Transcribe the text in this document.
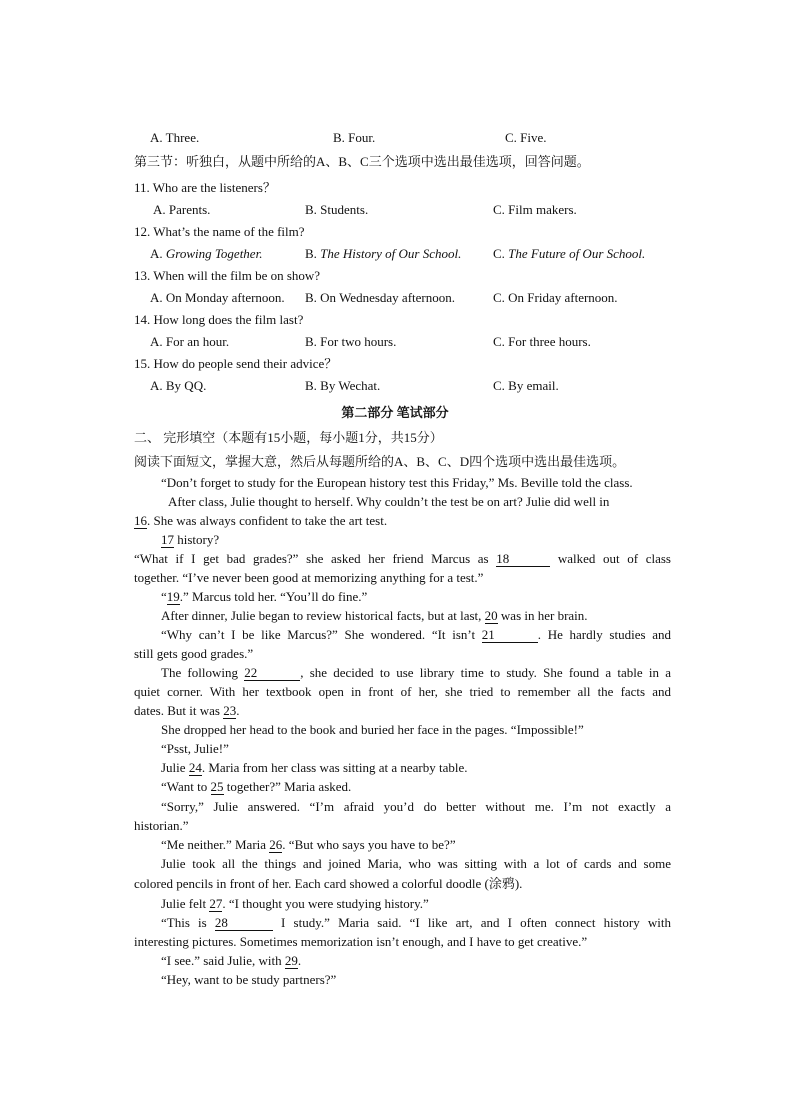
A. Three.	B. Four.	C. Five.
第三节：听独白，从题中所给的A、B、C三个选项中选出最佳选项，回答问题。
11. Who are the listeners？
A. Parents.	B. Students.	C. Film makers.
12. What’s the name of the film?
A. Growing Together.	B. The History of Our School. C. The Future of Our School.
13. When will the film be on show?
A. On Monday afternoon. B. On Wednesday afternoon.	C. On Friday afternoon.
14. How long does the film last?
A. For an hour.	B. For two hours.	C. For three hours.
15. How do people send their advice？
A. By QQ.	B. By Wechat.	C. By email.
第二部分 笔试部分
二、 完形填空（本题有15小题，每小题1分，共15分）
阅读下面短文，掌握大意，然后从每题所给的A、B、C、D四个选项中选出最佳选项。
“Don’t forget to study for the European history test this Friday,” Ms. Beville told the class.
After class, Julie thought to herself. Why couldn’t the test be on art? Julie did well in
16. She was always confident to take the art test.
17 history?
“What if I get bad grades?” she asked her friend Marcus as 18	walked out of class
together. “I’ve never been good at memorizing anything for a test.”
“19.” Marcus told her. “You’ll do fine.”
After dinner, Julie began to review historical facts, but at last, 20 was in her brain.
“Why can’t I be like Marcus?” She wondered. “It isn’t 21	. He hardly studies and
still gets good grades.”
The following 22	, she decided to use library time to study. She found a table in a
quiet corner. With her textbook open in front of her, she tried to remember all the facts and
dates. But it was 23.
She dropped her head to the book and buried her face in the pages. “Impossible!”
“Psst, Julie!”
Julie 24. Maria from her class was sitting at a nearby table.
“Want to 25 together?” Maria asked.
“Sorry,” Julie answered. “I’m afraid you’d do better without me. I’m not exactly a
historian.”
“Me neither.” Maria 26. “But who says you have to be?”
Julie took all the things and joined Maria, who was sitting with a lot of cards and some
colored pencils in front of her. Each card showed a colorful doodle (涂鸦).
Julie felt 27. “I thought you were studying history.”
“This is 28	I study.” Maria said. “I like art, and I often connect history with
interesting pictures. Sometimes memorization isn’t enough, and I have to get creative.”
“I see.” said Julie, with 29.
“Hey, want to be study partners?”
